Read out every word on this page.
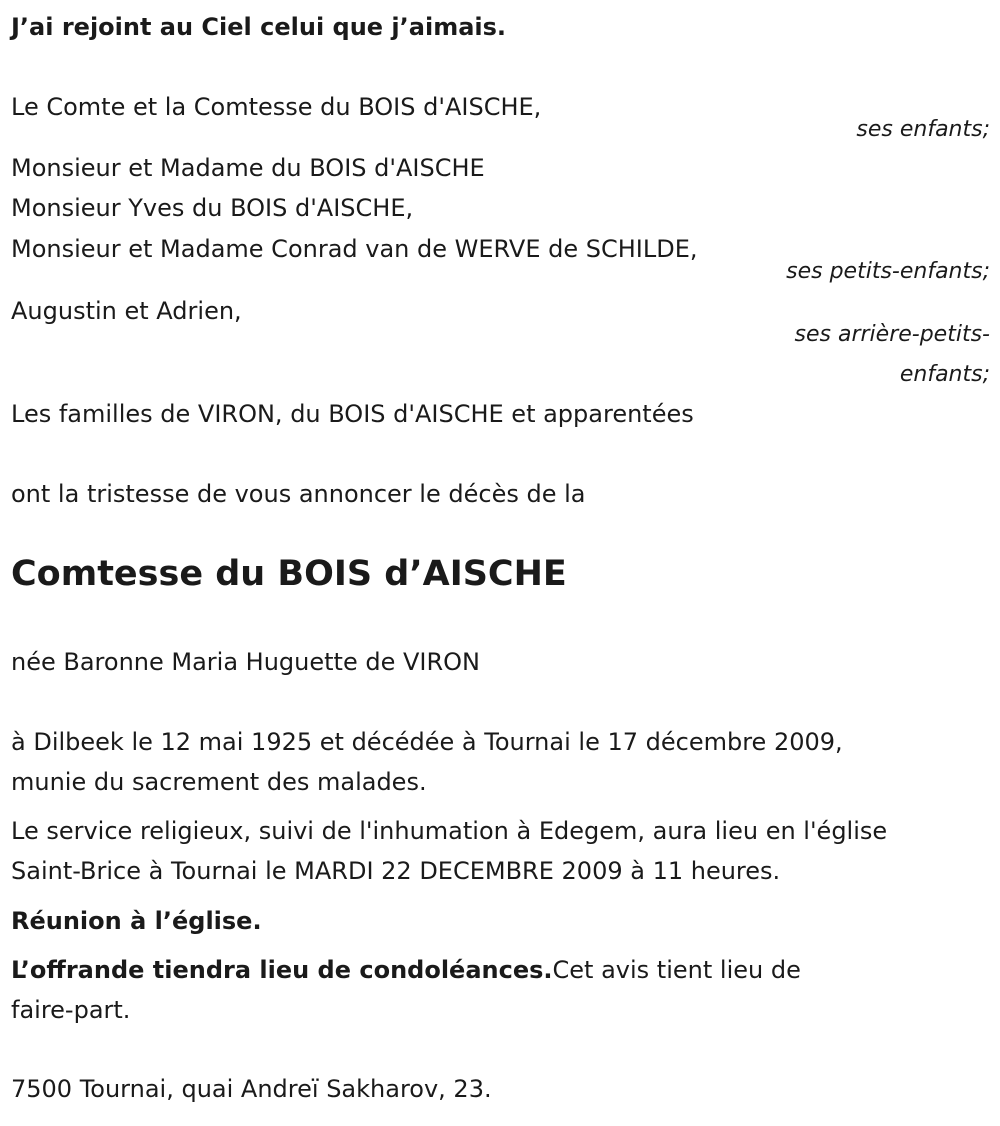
J’ai rejoint au Ciel celui que j’aimais.
Le Comte et la Comtesse du BOIS d'AISCHE,
ses enfants;
Monsieur et Madame du BOIS d'AISCHE
Monsieur Yves du BOIS d'AISCHE,
Monsieur et Madame Conrad van de WERVE de SCHILDE,
ses petits-enfants;
Augustin et Adrien,
ses arrière-petits-
enfants;
Les familles de VIRON, du BOIS d'AISCHE et apparentées
ont la tristesse de vous annoncer le décès de la
Comtesse du BOIS d’AISCHE
née Baronne Maria Huguette de VIRON
à Dilbeek le 12 mai 1925 et décédée à Tournai le 17 décembre 2009,
munie du sacrement des malades.
Le service religieux, suivi de l'inhumation à Edegem, aura lieu en l'église
Saint-Brice à Tournai le MARDI 22 DECEMBRE 2009 à 11 heures.
Réunion à l’église.
L’offrande tiendra lieu de condoléances.Cet avis tient lieu de
faire-part.
7500 Tournai, quai Andreï Sakharov, 23.
